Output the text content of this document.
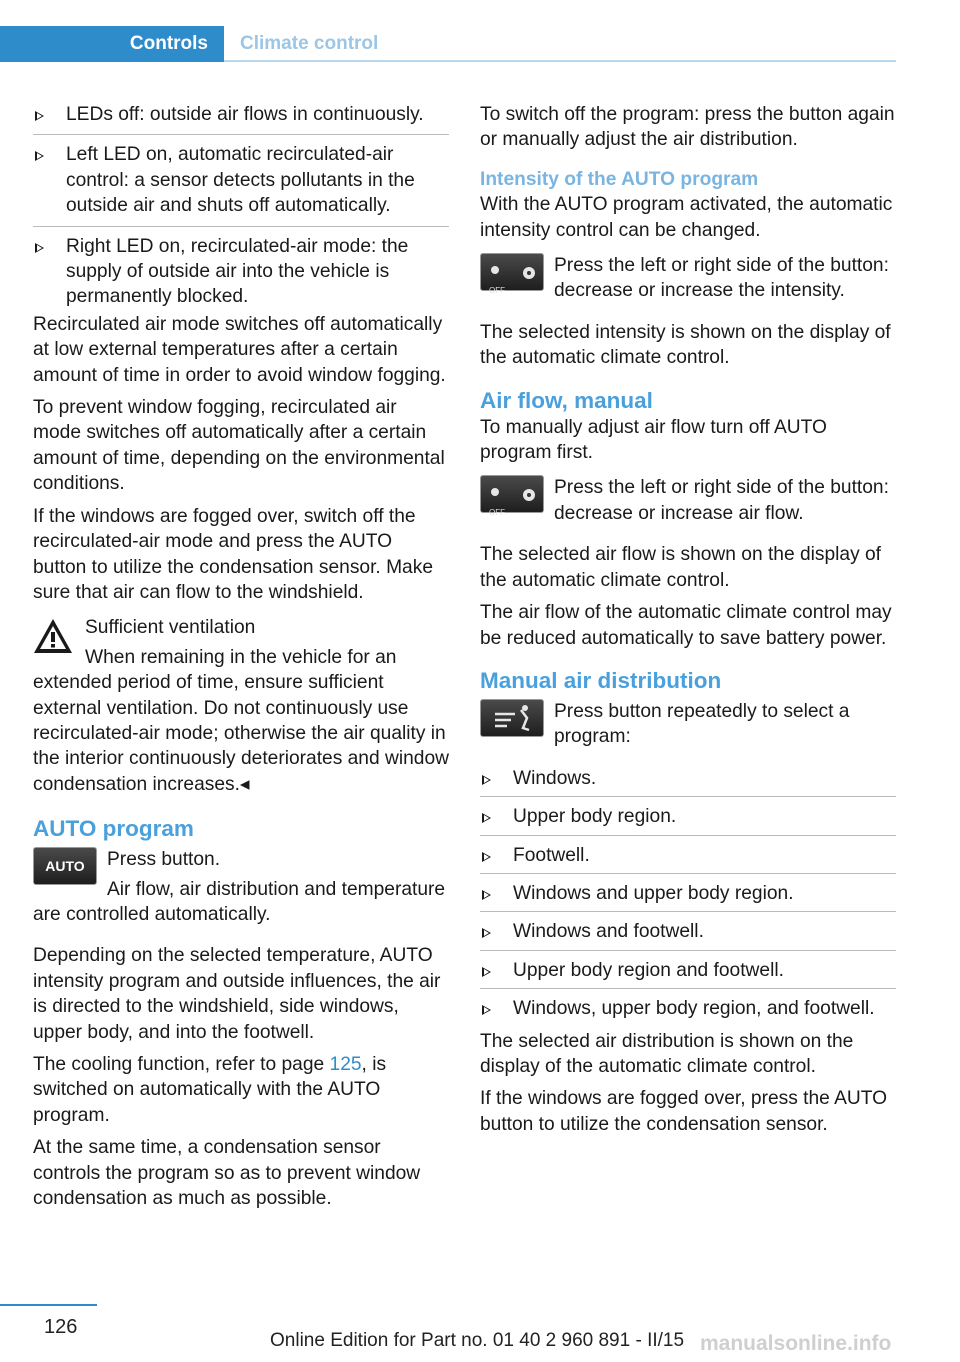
Controls	Climate control
LEDs off: outside air flows in continuously.
Left LED on, automatic recirculated-air control: a sensor detects pollutants in the outside air and shuts off automatically.
Right LED on, recirculated-air mode: the supply of outside air into the vehicle is permanently blocked.

Recirculated air mode switches off automatically at low external temperatures after a certain amount of time in order to avoid window fogging.

To prevent window fogging, recirculated air mode switches off automatically after a certain amount of time, depending on the environmental conditions.

If the windows are fogged over, switch off the recirculated-air mode and press the AUTO button to utilize the condensation sensor. Make sure that air can flow to the windshield.

Sufficient ventilation

When remaining in the vehicle for an extended period of time, ensure sufficient external ventilation. Do not continuously use recirculated-air mode; otherwise the air quality in the interior continuously deteriorates and window condensation increases.◂

AUTO program
AUTO	Press button.

Air flow, air distribution and temperature are controlled automatically.

Depending on the selected temperature, AUTO intensity program and outside influences, the air is directed to the windshield, side windows, upper body, and into the footwell.

The cooling function, refer to page 125, is switched on automatically with the AUTO program.

At the same time, a condensation sensor controls the program so as to prevent window condensation as much as possible.

To switch off the program: press the button again or manually adjust the air distribution.

Intensity of the AUTO program

With the AUTO program activated, the automatic intensity control can be changed.

OFF

Press the left or right side of the button: decrease or increase the intensity.

The selected intensity is shown on the display of the automatic climate control.

Air flow, manual

To manually adjust air flow turn off AUTO program first.

OFF

Press the left or right side of the button: decrease or increase air flow.

The selected air flow is shown on the display of the automatic climate control.

The air flow of the automatic climate control may be reduced automatically to save battery power.

Manual air distribution

Press button repeatedly to select a program:

Windows.
Upper body region.
Footwell.
Windows and upper body region.
Windows and footwell.
Upper body region and footwell.
Windows, upper body region, and footwell.

The selected air distribution is shown on the display of the automatic climate control.

If the windows are fogged over, press the AUTO button to utilize the condensation sensor.

126
Online Edition for Part no. 01 40 2 960 891 - II/15 manualsonline.info
